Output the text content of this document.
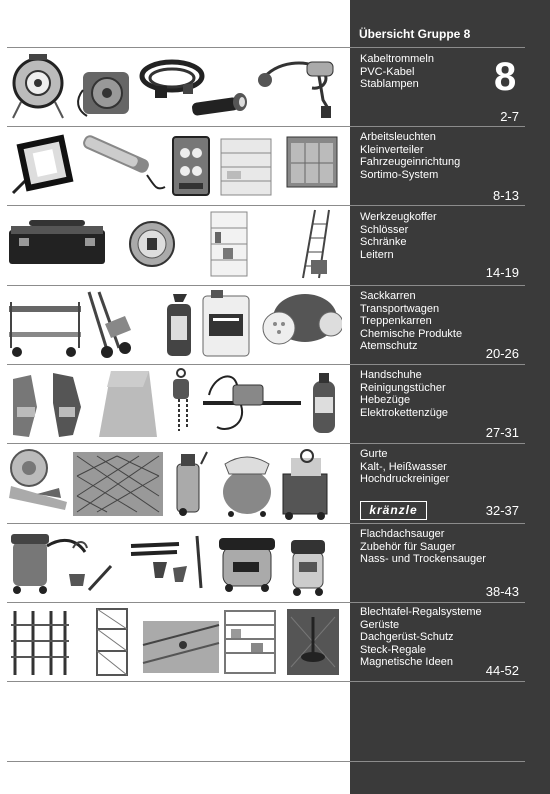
Übersicht Gruppe 8
8
Kabeltrommeln
PVC-Kabel
Stablampen
2-7
Arbeitsleuchten
Kleinverteiler
Fahrzeugeinrichtung
Sortimo-System
8-13
Werkzeugkoffer
Schlösser
Schränke
Leitern
14-19
Sackkarren
Transportwagen
Treppenkarren
Chemische Produkte
Atemschutz	20-26
Handschuhe
Reinigungstücher
Hebezüge
Elektrokettenzüge
27-31
Gurte
Kalt-, Heißwasser
Hochdruckreiniger
kränzle	32-37
Flachdachsauger
Zubehör für Sauger
Nass- und Trockensauger
38-43
Blechtafel-Regalsysteme
Gerüste
Dachgerüst-Schutz
Steck-Regale
Magnetische Ideen
44-52
